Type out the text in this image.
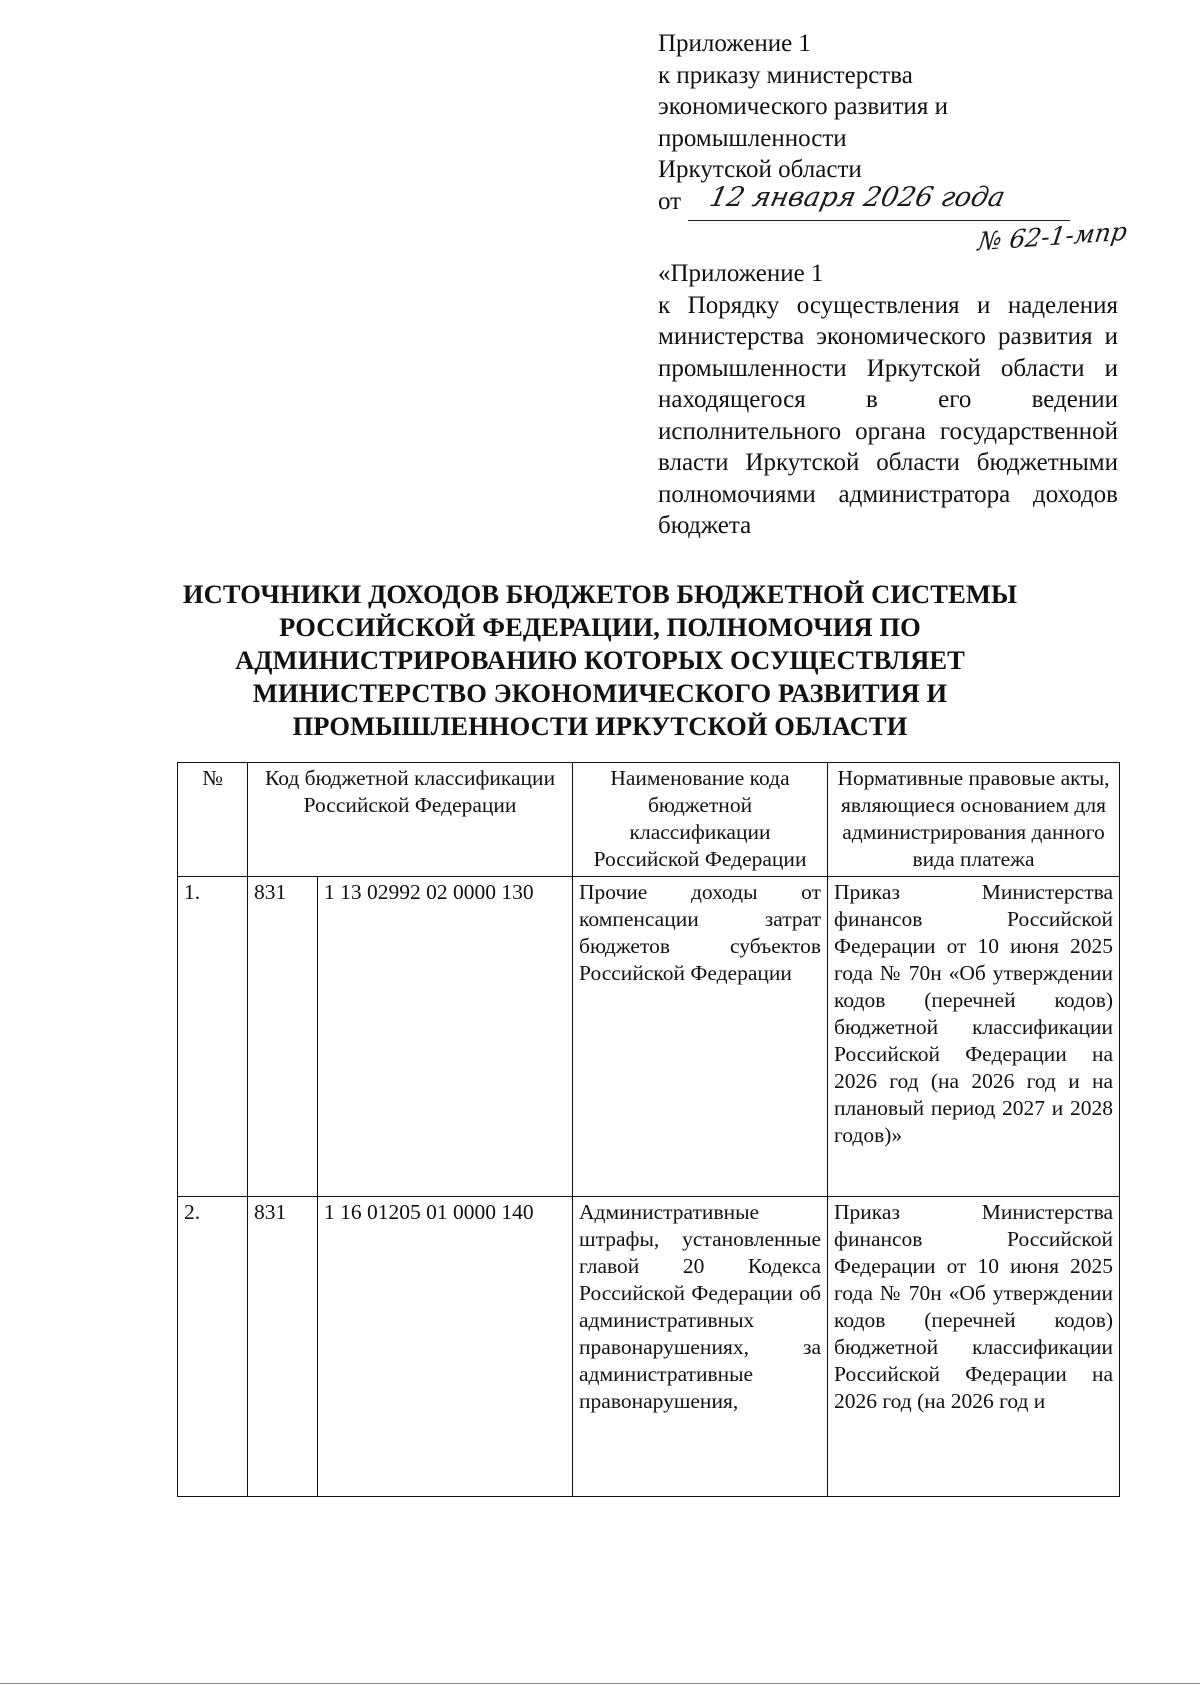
Приложение 1
к приказу министерства
экономического развития и
промышленности
Иркутской области
от 12 января 2026 года
№ 62-1-мпр
«Приложение 1
к Порядку осуществления и наделения министерства экономического развития и промышленности Иркутской области и находящегося в его ведении исполнительного органа государственной власти Иркутской области бюджетными полномочиями администратора доходов бюджета
ИСТОЧНИКИ ДОХОДОВ БЮДЖЕТОВ БЮДЖЕТНОЙ СИСТЕМЫ РОССИЙСКОЙ ФЕДЕРАЦИИ, ПОЛНОМОЧИЯ ПО АДМИНИСТРИРОВАНИЮ КОТОРЫХ ОСУЩЕСТВЛЯЕТ МИНИСТЕРСТВО ЭКОНОМИЧЕСКОГО РАЗВИТИЯ И ПРОМЫШЛЕННОСТИ ИРКУТСКОЙ ОБЛАСТИ
№	Код бюджетной классификации Российской Федерации		Наименование кода бюджетной классификации Российской Федерации	Нормативные правовые акты, являющиеся основанием для администрирования данного вида платежа
1.	831	1 13 02992 02 0000 130	Прочие доходы от компенсации затрат бюджетов субъектов Российской Федерации	Приказ Министерства финансов Российской Федерации от 10 июня 2025 года № 70н «Об утверждении кодов (перечней кодов) бюджетной классификации Российской Федерации на 2026 год (на 2026 год и на плановый период 2027 и 2028 годов)»
2.	831	1 16 01205 01 0000 140	Административные штрафы, установленные главой 20 Кодекса Российской Федерации об административных правонарушениях, за административные правонарушения,	Приказ Министерства финансов Российской Федерации от 10 июня 2025 года № 70н «Об утверждении кодов (перечней кодов) бюджетной классификации Российской Федерации на 2026 год (на 2026 год и
